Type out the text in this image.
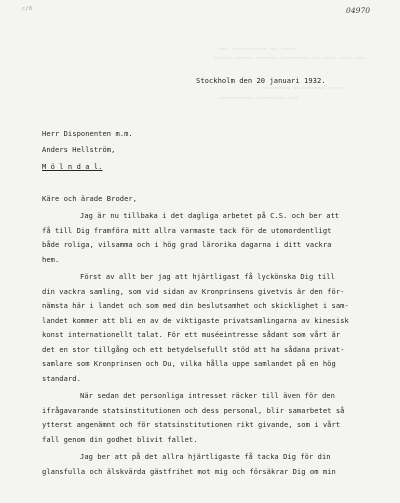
c/8	04970
~~~ ~~~~~~~~~~ ~~ ~~~~
~~~~~ ~~~~~ ~~~~~~ ~~~~~~~~ ~~ ~~~~ ~~~ ~~~
~~~~~~~~ ~~~~~~~~~ ~~~~
~~~~~~~~~~ ~~~~~~~~ ~~~
Stockholm den 20 januari 1932.
Herr Disponenten m.m.
Anders Hellström,
M ö l n d a l.
Käre och ärade Broder,
Jag är nu tillbaka i det dagliga arbetet på C.S. och ber att
få till Dig framföra mitt allra varmaste tack för de utomordentligt
både roliga, vilsamma och i hög grad lärorika dagarna i ditt vackra
hem.
Först av allt ber jag att hjärtligast få lyckönska Dig till
din vackra samling, som vid sidan av Kronprinsens givetvis är den för-
nämsta här i landet och som med din beslutsamhet och skicklighet i sam-
landet kommer att bli en av de viktigaste privatsamlingarna av kinesisk
konst internationellt talat. För ett muséeintresse sådant som vårt är
det en stor tillgång och ett betydelsefullt stöd att ha sådana privat-
samlare som Kronprinsen och Du, vilka hålla uppe samlandet på en hög
standard.
När sedan det personliga intresset räcker till även för den
ifrågavarande statsinstitutionen och dess personal, blir samarbetet så
ytterst angenämnt och för statsinstitutionen rikt givande, som i vårt
fall genom din godhet blivit fallet.
Jag ber att på det allra hjärtligaste få tacka Dig för din
glansfulla och älskvärda gästfrihet mot mig och försäkrar Dig om min
